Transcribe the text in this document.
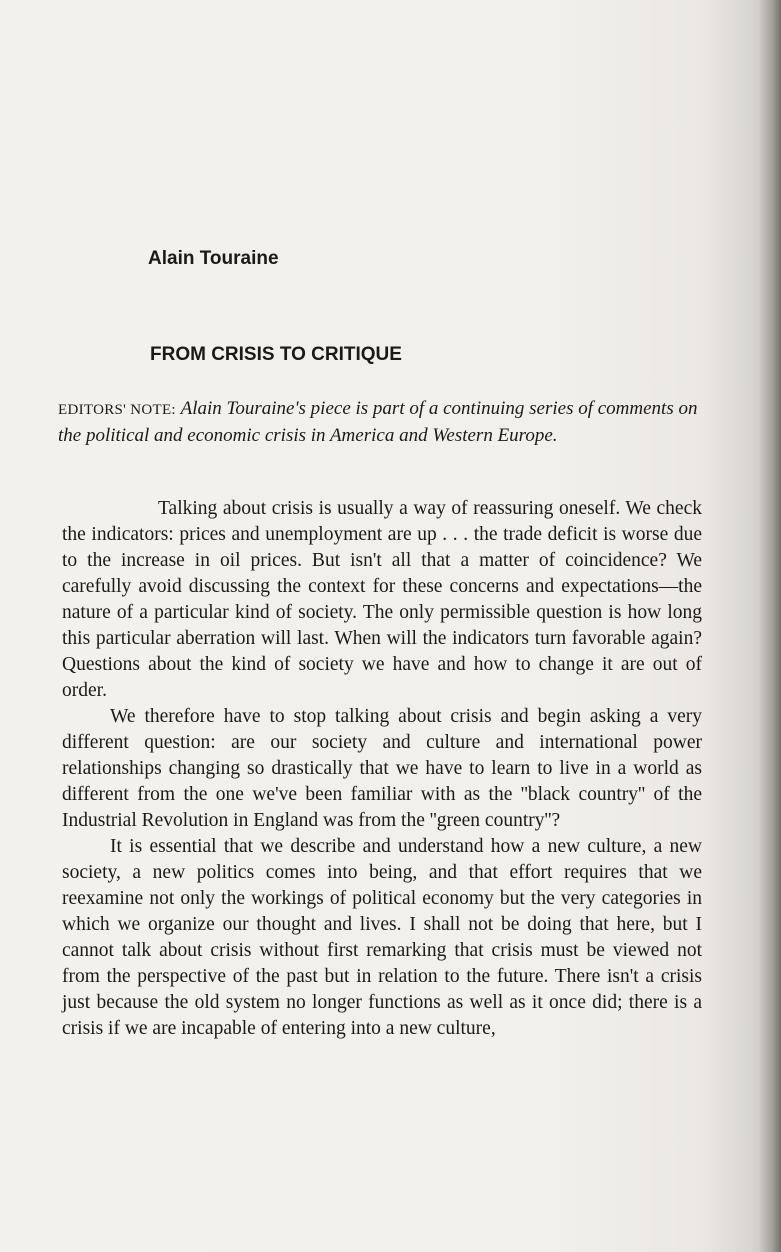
Alain Touraine
FROM CRISIS TO CRITIQUE

EDITORS' NOTE: Alain Touraine's piece is part of a continuing series of comments on the political and economic crisis in America and Western Europe.

Talking about crisis is usually a way of reassuring oneself. We check the indicators: prices and unemployment are up . . . the trade deficit is worse due to the increase in oil prices. But isn't all that a matter of coincidence? We carefully avoid discussing the context for these concerns and expectations—the nature of a particular kind of society. The only permissible question is how long this particular aberration will last. When will the indicators turn favorable again? Questions about the kind of society we have and how to change it are out of order.

We therefore have to stop talking about crisis and begin asking a very different question: are our society and culture and international power relationships changing so drastically that we have to learn to live in a world as different from the one we've been familiar with as the ''black country'' of the Industrial Revolution in England was from the ''green country''?

It is essential that we describe and understand how a new culture, a new society, a new politics comes into being, and that effort requires that we reexamine not only the workings of political economy but the very categories in which we organize our thought and lives. I shall not be doing that here, but I cannot talk about crisis without first remarking that crisis must be viewed not from the perspective of the past but in relation to the future. There isn't a crisis just because the old system no longer functions as well as it once did; there is a crisis if we are incapable of entering into a new culture,
